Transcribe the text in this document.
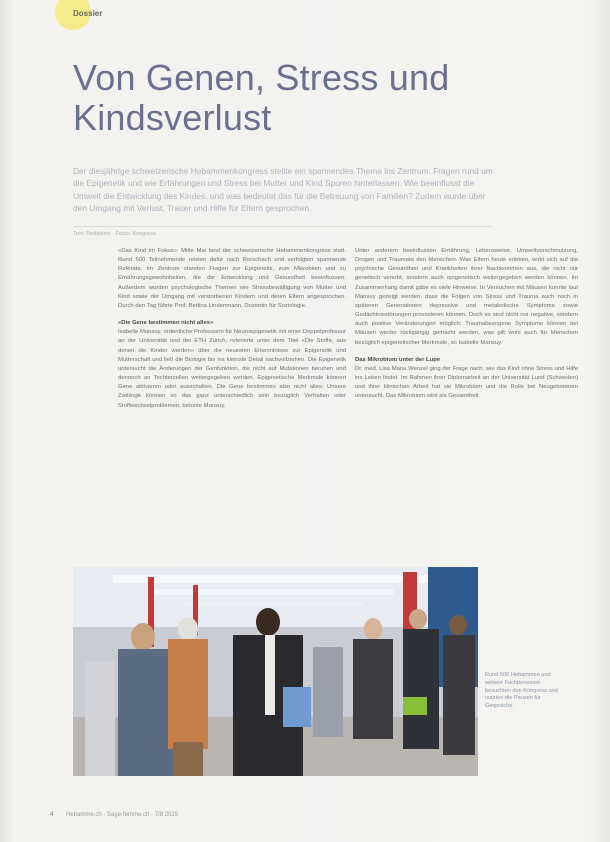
Dossier
Von Genen, Stress und Kindsverlust

Der diesjährige schweizerische Hebammenkongress stellte ein spannendes Thema ins Zentrum: Fragen rund um die Epigenetik und wie Erfahrungen und Stress bei Mutter und Kind Spuren hinterlassen. Wie beeinflusst die Umwelt die Entwicklung des Kindes, und was bedeutet das für die Betreuung von Familien? Zudem wurde über den Umgang mit Verlust, Trauer und Hilfe für Eltern gesprochen.

Text: Redaktion · Fotos: Kongress

«Das Kind im Fokus»: Mitte Mai fand der schweizerische Hebammenkongress statt. Rund 500 Teilnehmende reisten dafür nach Rorschach und verfolgten spannende Referate. Im Zentrum standen Fragen zur Epigenetik, zum Mikrobiom und zu Ernährungsgewohnheiten, die die Entwicklung und Gesundheit beeinflussen. Außerdem wurden psychologische Themen wie Stressbewältigung von Mutter und Kind sowie der Umgang mit verstorbenen Kindern und deren Eltern angesprochen. Durch den Tag führte Prof. Bettina Lindenmann, Dozentin für Soziologie.

«Die Gene bestimmen nicht alles»

Isabelle Mansuy, ordentliche Professorin für Neuroepigenetik mit einer Doppelprofessur an der Universität und der ETH Zürich, referierte unter dem Titel «Die Stoffe, aus denen die Kinder werden» über die neuesten Erkenntnisse zur Epigenetik und Mutterschaft und ließ die Biologie bis ins kleinste Detail nachvollziehen. Die Epigenetik untersucht die Änderungen der Genfunktion, die nicht auf Mutationen beruhen und dennoch an Tochterzellen weitergegeben werden. Epigenetische Merkmale können Gene aktivieren oder ausschalten. Die Gene bestimmen also nicht alles: Unsere Zwillinge können so das ganz unterschiedlich sein bezüglich Verhalten oder Stoffwechselproblemen, betonte Mansuy.

Unter anderem beeinflussen Ernährung, Lebensweise, Umweltverschmutzung, Drogen und Traumata den Menschen. Was Eltern heute erleben, wirkt sich auf die psychische Gesundheit und Krankheiten ihrer Nachkommen aus, die nicht nur genetisch vererbt, sondern auch epigenetisch weitergegeben werden können. Im Zusammenhang damit gäbe es viele Hinweise. In Versuchen mit Mäusen konnte laut Mansuy gezeigt werden, dass die Folgen von Stress und Trauma auch noch in späteren Generationen depressive und metabolische Symptome sowie Gedächtnisstörungen provozieren können. Doch es sind nicht nur negative, sondern auch positive Veränderungen möglich: Traumabezogene Symptome können bei Mäusen wieder rückgängig gemacht werden, was gilt wohl auch für Menschen bezüglich epigenetischer Merkmale, so Isabelle Mansuy.

Das Mikrobiom unter der Lupe

Dr. med. Lisa Maria Wenzel ging der Frage nach, wie das Kind ohne Stress und Hilfe ins Leben findet. Im Rahmen ihrer Diplomarbeit an der Universität Lund (Schweden) und ihrer klinischen Arbeit hat sie Mikrobiom und die Rolle bei Neugeborenen untersucht. Das Mikrobiom wird als Gesamtheit

Rund 500 Hebammen und weitere Fachpersonen besuchten den Kongress und nutzten die Pausen für Gespräche.

4 Hebamme.ch · Sage-femme.ch · 7/8 2025
